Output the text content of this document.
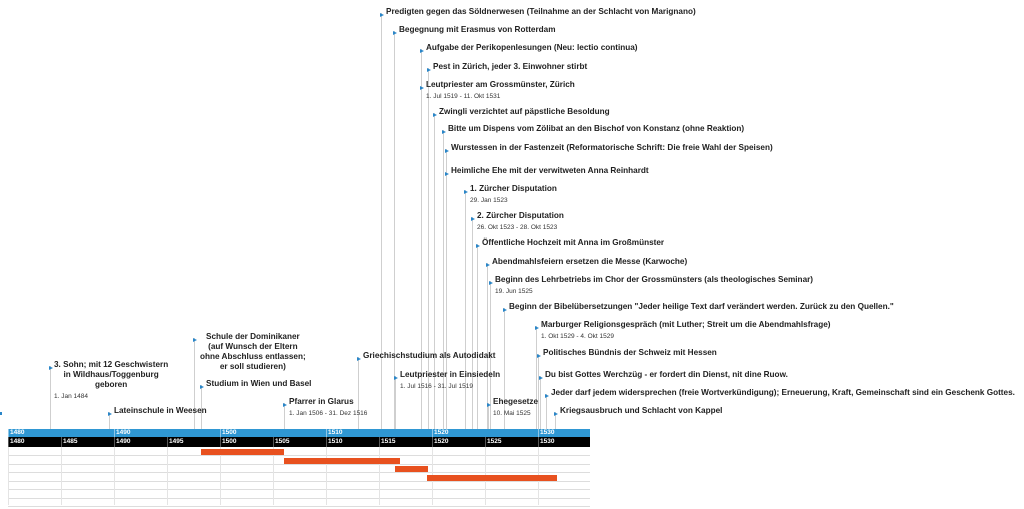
Predigten gegen das Söldnerwesen (Teilnahme an der Schlacht von Marignano)
Begegnung mit Erasmus von Rotterdam
Aufgabe der Perikopenlesungen (Neu: lectio continua)
Pest in Zürich, jeder 3. Einwohner stirbt
Leutpriester am Grossmünster, Zürich
1. Jul 1519 - 11. Okt 1531
Zwingli verzichtet auf päpstliche Besoldung
Bitte um Dispens vom Zölibat an den Bischof von Konstanz (ohne Reaktion)
Wurstessen in der Fastenzeit (Reformatorische Schrift: Die freie Wahl der Speisen)
Heimliche Ehe mit der verwitweten Anna Reinhardt
1. Zürcher Disputation
29. Jan 1523
2. Zürcher Disputation
26. Okt 1523 - 28. Okt 1523
Öffentliche Hochzeit mit Anna im Großmünster
Abendmahlsfeiern ersetzen die Messe (Karwoche)
Beginn des Lehrbetriebs im Chor der Grossmünsters (als theologisches Seminar)
19. Jun 1525
Beginn der Bibelübersetzungen "Jeder heilige Text darf verändert werden. Zurück zu den Quellen."
Marburger Religionsgespräch (mit Luther; Streit um die Abendmahlsfrage)
1. Okt 1529 - 4. Okt 1529
Politisches Bündnis der Schweiz mit Hessen
Du bist Gottes Werchzüg - er fordert din Dienst, nit dine Ruow.
Jeder darf jedem widersprechen (freie Wortverkündigung); Erneuerung, Kraft, Gemeinschaft sind ein Geschenk Gottes.
Kriegsausbruch und Schlacht von Kappel
Ehegesetze
10. Mai 1525
Leutpriester in Einsiedeln
1. Jul 1516 - 31. Jul 1519
Griechischstudium als Autodidakt
Pfarrer in Glarus
1. Jan 1506 - 31. Dez 1516
Studium in Wien und Basel
Schule der Dominikaner
(auf Wunsch der Eltern
ohne Abschluss entlassen;
er soll studieren)
Lateinschule in Weesen
3. Sohn; mit 12 Geschwistern
in Wildhaus/Toggenburg
geboren
1. Jan 1484
1480	1490	1500	1510	1520	1530
1480	1485	1490	1495	1500	1505	1510	1515	1520	1525	1530
